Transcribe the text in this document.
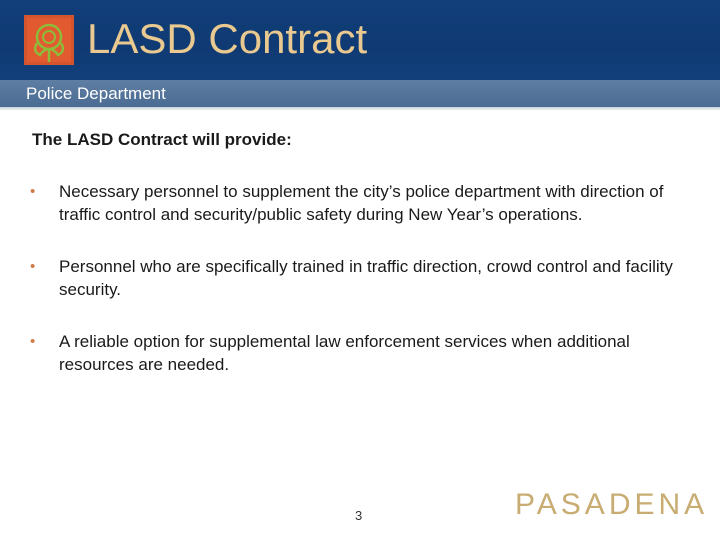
LASD Contract
Police Department
The LASD Contract will provide:
• Necessary personnel to supplement the city’s police department with direction of traffic control and security/public safety during New Year’s operations.
• Personnel who are specifically trained in traffic direction, crowd control and facility security.
• A reliable option for supplemental law enforcement services when additional resources are needed.
3	PASADENA
